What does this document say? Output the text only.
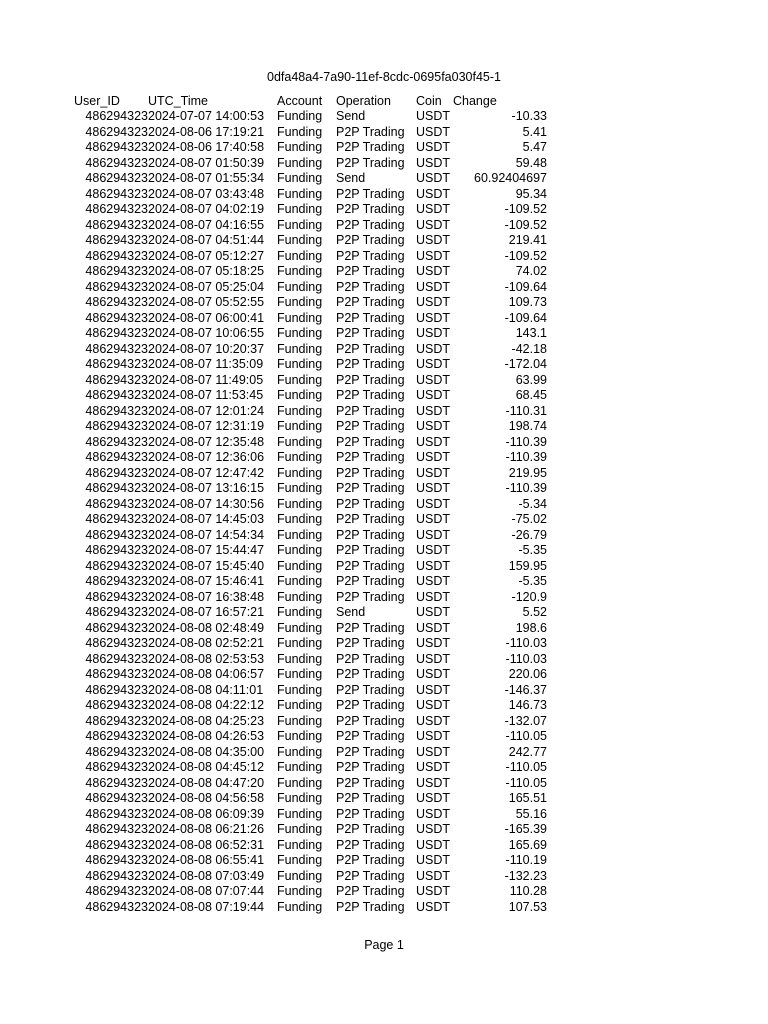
0dfa48a4-7a90-11ef-8cdc-0695fa030f45-1
User_ID	UTC_Time	Account	Operation	Coin	Change
486294323	2024-07-07 14:00:53	Funding	Send	USDT	-10.33
486294323	2024-08-06 17:19:21	Funding	P2P Trading	USDT	5.41
486294323	2024-08-06 17:40:58	Funding	P2P Trading	USDT	5.47
486294323	2024-08-07 01:50:39	Funding	P2P Trading	USDT	59.48
486294323	2024-08-07 01:55:34	Funding	Send	USDT	60.92404697
486294323	2024-08-07 03:43:48	Funding	P2P Trading	USDT	95.34
486294323	2024-08-07 04:02:19	Funding	P2P Trading	USDT	-109.52
486294323	2024-08-07 04:16:55	Funding	P2P Trading	USDT	-109.52
486294323	2024-08-07 04:51:44	Funding	P2P Trading	USDT	219.41
486294323	2024-08-07 05:12:27	Funding	P2P Trading	USDT	-109.52
486294323	2024-08-07 05:18:25	Funding	P2P Trading	USDT	74.02
486294323	2024-08-07 05:25:04	Funding	P2P Trading	USDT	-109.64
486294323	2024-08-07 05:52:55	Funding	P2P Trading	USDT	109.73
486294323	2024-08-07 06:00:41	Funding	P2P Trading	USDT	-109.64
486294323	2024-08-07 10:06:55	Funding	P2P Trading	USDT	143.1
486294323	2024-08-07 10:20:37	Funding	P2P Trading	USDT	-42.18
486294323	2024-08-07 11:35:09	Funding	P2P Trading	USDT	-172.04
486294323	2024-08-07 11:49:05	Funding	P2P Trading	USDT	63.99
486294323	2024-08-07 11:53:45	Funding	P2P Trading	USDT	68.45
486294323	2024-08-07 12:01:24	Funding	P2P Trading	USDT	-110.31
486294323	2024-08-07 12:31:19	Funding	P2P Trading	USDT	198.74
486294323	2024-08-07 12:35:48	Funding	P2P Trading	USDT	-110.39
486294323	2024-08-07 12:36:06	Funding	P2P Trading	USDT	-110.39
486294323	2024-08-07 12:47:42	Funding	P2P Trading	USDT	219.95
486294323	2024-08-07 13:16:15	Funding	P2P Trading	USDT	-110.39
486294323	2024-08-07 14:30:56	Funding	P2P Trading	USDT	-5.34
486294323	2024-08-07 14:45:03	Funding	P2P Trading	USDT	-75.02
486294323	2024-08-07 14:54:34	Funding	P2P Trading	USDT	-26.79
486294323	2024-08-07 15:44:47	Funding	P2P Trading	USDT	-5.35
486294323	2024-08-07 15:45:40	Funding	P2P Trading	USDT	159.95
486294323	2024-08-07 15:46:41	Funding	P2P Trading	USDT	-5.35
486294323	2024-08-07 16:38:48	Funding	P2P Trading	USDT	-120.9
486294323	2024-08-07 16:57:21	Funding	Send	USDT	5.52
486294323	2024-08-08 02:48:49	Funding	P2P Trading	USDT	198.6
486294323	2024-08-08 02:52:21	Funding	P2P Trading	USDT	-110.03
486294323	2024-08-08 02:53:53	Funding	P2P Trading	USDT	-110.03
486294323	2024-08-08 04:06:57	Funding	P2P Trading	USDT	220.06
486294323	2024-08-08 04:11:01	Funding	P2P Trading	USDT	-146.37
486294323	2024-08-08 04:22:12	Funding	P2P Trading	USDT	146.73
486294323	2024-08-08 04:25:23	Funding	P2P Trading	USDT	-132.07
486294323	2024-08-08 04:26:53	Funding	P2P Trading	USDT	-110.05
486294323	2024-08-08 04:35:00	Funding	P2P Trading	USDT	242.77
486294323	2024-08-08 04:45:12	Funding	P2P Trading	USDT	-110.05
486294323	2024-08-08 04:47:20	Funding	P2P Trading	USDT	-110.05
486294323	2024-08-08 04:56:58	Funding	P2P Trading	USDT	165.51
486294323	2024-08-08 06:09:39	Funding	P2P Trading	USDT	55.16
486294323	2024-08-08 06:21:26	Funding	P2P Trading	USDT	-165.39
486294323	2024-08-08 06:52:31	Funding	P2P Trading	USDT	165.69
486294323	2024-08-08 06:55:41	Funding	P2P Trading	USDT	-110.19
486294323	2024-08-08 07:03:49	Funding	P2P Trading	USDT	-132.23
486294323	2024-08-08 07:07:44	Funding	P2P Trading	USDT	110.28
486294323	2024-08-08 07:19:44	Funding	P2P Trading	USDT	107.53
Page 1
